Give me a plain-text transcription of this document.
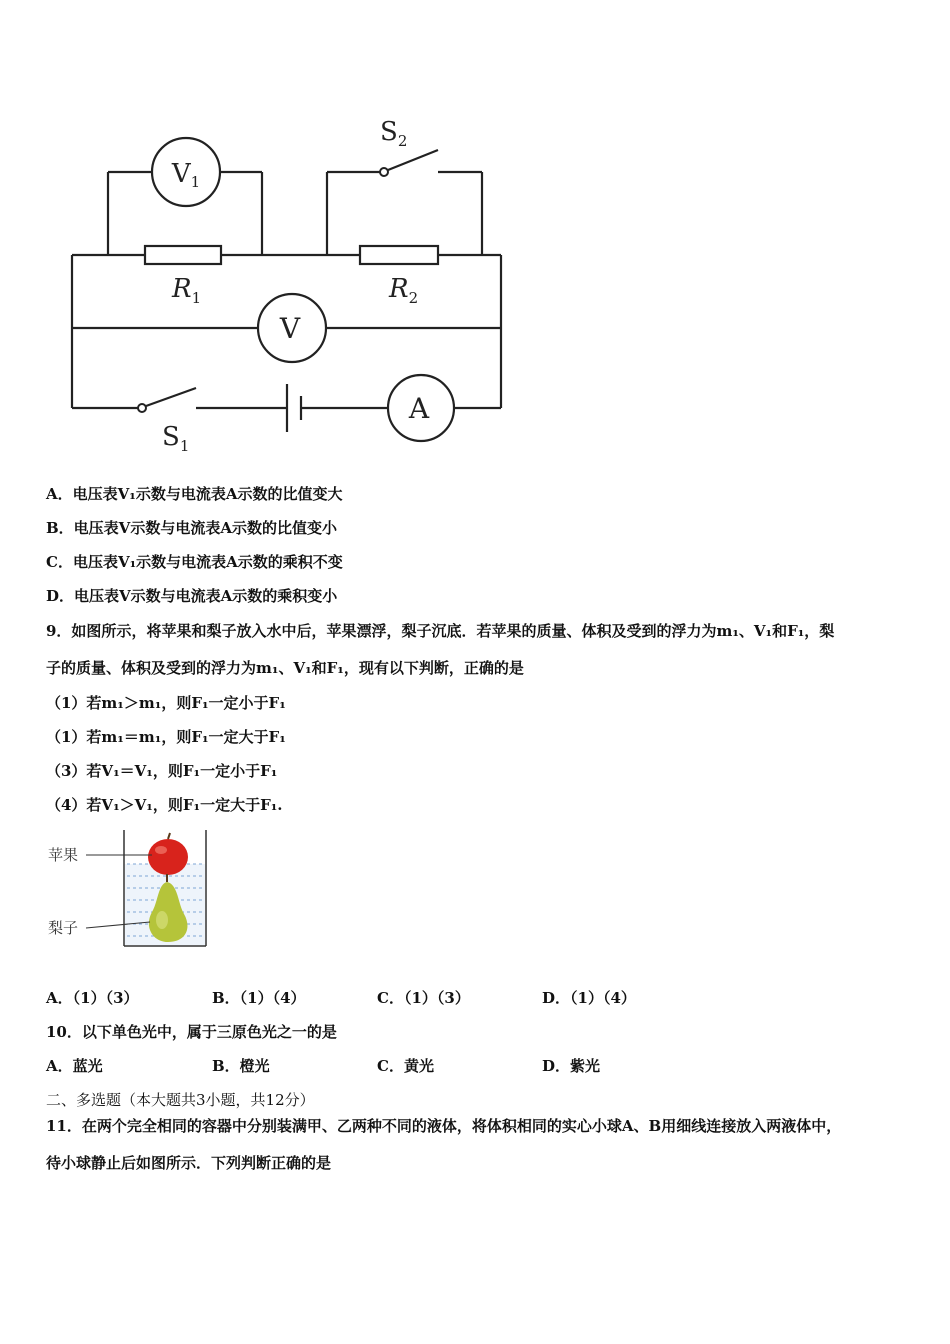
V1
V
A
$R_1$	$R_2$
$S_2$
$S_1$
A．电压表V₁示数与电流表A示数的比值变大
B．电压表V示数与电流表A示数的比值变小
C．电压表V₁示数与电流表A示数的乘积不变
D．电压表V示数与电流表A示数的乘积变小
9．如图所示，将苹果和梨子放入水中后，苹果漂浮，梨子沉底．若苹果的质量、体积及受到的浮力为m₁、V₁和F₁，梨
子的质量、体积及受到的浮力为m₁、V₁和F₁，现有以下判断，正确的是
（1）若m₁＞m₁，则F₁一定小于F₁
（1）若m₁＝m₁，则F₁一定大于F₁
（3）若V₁＝V₁，则F₁一定小于F₁
（4）若V₁＞V₁，则F₁一定大于F₁.
苹果
梨子
A．（1）（3）	B．（1）（4）	C．（1）（3）	D．（1）（4）
10．以下单色光中，属于三原色光之一的是
A．蓝光	B．橙光	C．黄光	D．紫光
二、多选题（本大题共3小题，共12分）
11．在两个完全相同的容器中分别装满甲、乙两种不同的液体，将体积相同的实心小球A、B用细线连接放入两液体中，
待小球静止后如图所示．下列判断正确的是
